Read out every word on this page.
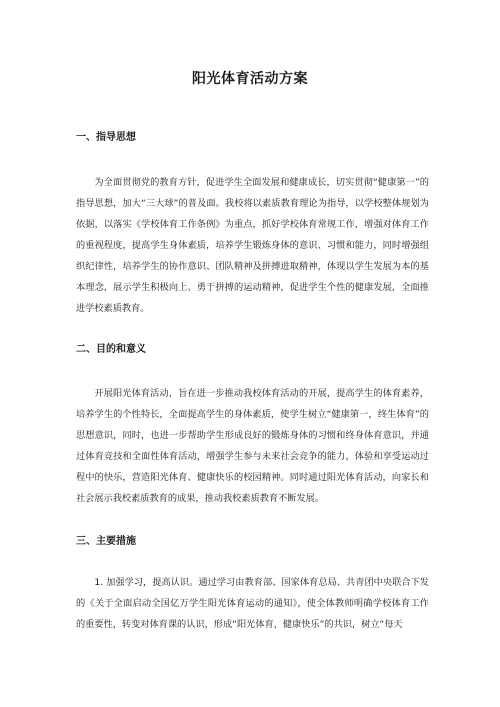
阳光体育活动方案
一、指导思想
为全面贯彻党的教育方针，促进学生全面发展和健康成长，切实贯彻“健康第一”的指导思想，加大“三大球”的普及面。我校将以素质教育理论为指导，以学校整体规划为依据，以落实《学校体育工作条例》为重点，抓好学校体育常规工作，增强对体育工作的重视程度，提高学生身体素质，培养学生锻炼身体的意识、习惯和能力，同时增强组织纪律性，培养学生的协作意识、团队精神及拼搏进取精神，体现以学生发展为本的基本理念，展示学生积极向上、勇于拼搏的运动精神，促进学生个性的健康发展，全面推进学校素质教育。
二、目的和意义
开展阳光体育活动，旨在进一步推动我校体育活动的开展，提高学生的体育素养，培养学生的个性特长，全面提高学生的身体素质，使学生树立“健康第一，终生体育”的思想意识，同时，也进一步帮助学生形成良好的锻炼身体的习惯和终身体育意识，并通过体育竞技和全面性体育活动，增强学生参与未来社会竞争的能力，体验和享受运动过程中的快乐，营造阳光体育、健康快乐的校园精神。同时通过阳光体育活动，向家长和社会展示我校素质教育的成果，推动我校素质教育不断发展。
三、主要措施
1. 加强学习，提高认识。通过学习由教育部、国家体育总局、共青团中央联合下发的《关于全面启动全国亿万学生阳光体育运动的通知》，使全体教师明确学校体育工作的重要性，转变对体育课的认识，形成“阳光体育，健康快乐”的共识，树立“每天
